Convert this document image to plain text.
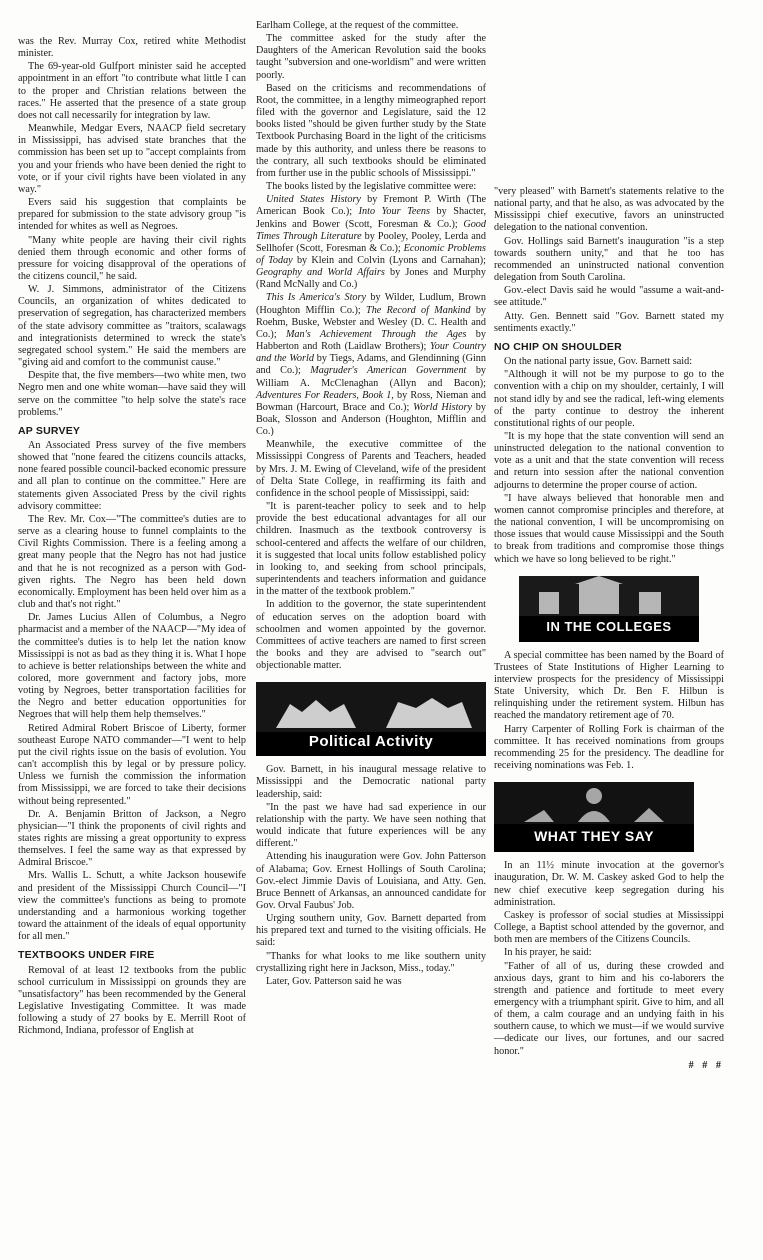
was the Rev. Murray Cox, retired white Methodist minister.

The 69-year-old Gulfport minister said he accepted appointment in an effort "to contribute what little I can to the proper and Christian relations between the races." He asserted that the presence of a state group does not call necessarily for integration by law.

Meanwhile, Medgar Evers, NAACP field secretary in Mississippi, has advised state branches that the commission has been set up to "accept complaints from you and your friends who have been denied the right to vote, or if your civil rights have been violated in any way."

Evers said his suggestion that complaints be prepared for submission to the state advisory group "is intended for whites as well as Negroes.

"Many white people are having their civil rights denied them through economic and other forms of pressure for voicing disapproval of the operations of the citizens council," he said.

W. J. Simmons, administrator of the Citizens Councils, an organization of whites dedicated to preservation of segregation, has characterized members of the state advisory committee as "traitors, scalawags and integrationists determined to wreck the state's segregated school system." He said the members are "giving aid and comfort to the communist cause."

Despite that, the five members—two white men, two Negro men and one white woman—have said they will serve on the committee "to help solve the state's race problems."

AP SURVEY

An Associated Press survey of the five members showed that "none feared the citizens councils attacks, none feared possible council-backed economic pressure and all plan to continue on the committee." Here are statements given Associated Press by the civil rights advisory committee:

The Rev. Mr. Cox—"The committee's duties are to serve as a clearing house to funnel complaints to the Civil Rights Commission. There is a feeling among a great many people that the Negro has not had justice and that he is not recognized as a person with God-given rights. The Negro has been held down economically. Employment has been held over him as a club and that's not right."

Dr. James Lucius Allen of Columbus, a Negro pharmacist and a member of the NAACP—"My idea of the committee's duties is to help let the nation know Mississippi is not as bad as they thing it is. What I hope to achieve is better relationships between the white and colored, more government and factory jobs, more voting by Negroes, better transportation facilities for the Negro and better education opportunities for Negroes that will help them help themselves."

Retired Admiral Robert Briscoe of Liberty, former southeast Europe NATO commander—"I went to help put the civil rights issue on the basis of evolution. You can't accomplish this by legal or by pressure policy. Unless we furnish the commission the information from Mississippi, we are forced to take their decisions without being represented."

Dr. A. Benjamin Britton of Jackson, a Negro physician—"I think the proponents of civil rights and states rights are missing a great opportunity to express themselves. I feel the same way as that expressed by Admiral Briscoe."

Mrs. Wallis L. Schutt, a white Jackson housewife and president of the Mississippi Church Council—"I view the committee's functions as being to promote understanding and a harmonious working together toward the attainment of the ideals of equal opportunity for all men."

TEXTBOOKS UNDER FIRE

Removal of at least 12 textbooks from the public school curriculum in Mississippi on grounds they are "unsatisfactory" has been recommended by the General Legislative Investigating Committee. It was made following a study of 27 books by E. Merrill Root of Richmond, Indiana, professor of English at

Earlham College, at the request of the committee.

The committee asked for the study after the Daughters of the American Revolution said the books taught "subversion and one-worldism" and were written poorly.

Based on the criticisms and recommendations of Root, the committee, in a lengthy mimeographed report filed with the governor and Legislature, said the 12 books listed "should be given further study by the State Textbook Purchasing Board in the light of the criticisms made by this authority, and unless there be reasons to the contrary, all such textbooks should be eliminated from further use in the public schools of Mississippi."

The books listed by the legislative committee were:

United States History by Fremont P. Wirth (The American Book Co.); Into Your Teens by Shacter, Jenkins and Bower (Scott, Foresman & Co.); Good Times Through Literature by Pooley, Pooley, Lerda and Sellhofer (Scott, Foresman & Co.); Economic Problems of Today by Klein and Colvin (Lyons and Carnahan); Geography and World Affairs by Jones and Murphy (Rand McNally and Co.)

This Is America's Story by Wilder, Ludlum, Brown (Houghton Mifflin Co.); The Record of Mankind by Roehm, Buske, Webster and Wesley (D. C. Health and Co.); Man's Achievement Through the Ages by Habberton and Roth (Laidlaw Brothers); Your Country and the World by Tiegs, Adams, and Glendinning (Ginn and Co.); Magruder's American Government by William A. McClenaghan (Allyn and Bacon); Adventures For Readers, Book 1, by Ross, Nieman and Bowman (Harcourt, Brace and Co.); World History by Boak, Slosson and Anderson (Houghton, Mifflin and Co.)

Meanwhile, the executive committee of the Mississippi Congress of Parents and Teachers, headed by Mrs. J. M. Ewing of Cleveland, wife of the president of Delta State College, in reaffirming its faith and confidence in the school people of Mississippi, said:

"It is parent-teacher policy to seek and to help provide the best educational advantages for all our children. Inasmuch as the textbook controversy is school-centered and affects the welfare of our children, it is suggested that local units follow established policy in looking to, and seeking from school principals, superintendents and teachers information and guidance in the matter of the textbook problem."

In addition to the governor, the state superintendent of education serves on the adoption board with schoolmen and women appointed by the governor. Committees of active teachers are named to first screen the books and they are advised to "search out" objectionable matter.

Political Activity

Gov. Barnett, in his inaugural message relative to Mississippi and the Democratic national party leadership, said:

"In the past we have had sad experience in our relationship with the party. We have seen nothing that would indicate that future experiences will be any different."

Attending his inauguration were Gov. John Patterson of Alabama; Gov. Ernest Hollings of South Carolina; Gov.-elect Jimmie Davis of Louisiana, and Atty. Gen. Bruce Bennett of Arkansas, an announced candidate for Gov. Orval Faubus' Job.

Urging southern unity, Gov. Barnett departed from his prepared text and turned to the visiting officials. He said:

"Thanks for what looks to me like southern unity crystallizing right here in Jackson, Miss., today."

Later, Gov. Patterson said he was

"very pleased" with Barnett's statements relative to the national party, and that he also, as was advocated by the Mississippi chief executive, favors an uninstructed delegation to the national convention.

Gov. Hollings said Barnett's inauguration "is a step towards southern unity," and that he too has recommended an uninstructed national convention delegation from South Carolina.

Gov.-elect Davis said he would "assume a wait-and-see attitude."

Atty. Gen. Bennett said "Gov. Barnett stated my sentiments exactly."

NO CHIP ON SHOULDER

On the national party issue, Gov. Barnett said:

"Although it will not be my purpose to go to the convention with a chip on my shoulder, certainly, I will not stand idly by and see the radical, left-wing elements of the party continue to destroy the inherent constitutional rights of our people.

"It is my hope that the state convention will send an uninstructed delegation to the national convention to vote as a unit and that the state convention will recess and return into session after the national convention adjourns to determine the proper course of action.

"I have always believed that honorable men and women cannot compromise principles and therefore, at the national convention, I will be uncompromising on those issues that would cause Mississippi and the South to break from traditions and compromise those things which we have so long believed to be right."

IN THE COLLEGES

A special committee has been named by the Board of Trustees of State Institutions of Higher Learning to interview prospects for the presidency of Mississippi State University, which Dr. Ben F. Hilbun is relinquishing under the retirement system. Hilbun has reached the mandatory retirement age of 70.

Harry Carpenter of Rolling Fork is chairman of the committee. It has received nominations from groups recommending 25 for the presidency. The deadline for receiving nominations was Feb. 1.

WHAT THEY SAY

In an 11½ minute invocation at the governor's inauguration, Dr. W. M. Caskey asked God to help the new chief executive keep segregation during his administration.

Caskey is professor of social studies at Mississippi College, a Baptist school attended by the governor, and both men are members of the Citizens Councils.

In his prayer, he said:

"Father of all of us, during these crowded and anxious days, grant to him and his co-laborers the strength and patience and fortitude to meet every emergency with a triumphant spirit. Give to him, and all of them, a calm courage and an undying faith in his southern cause, to which we must—if we would survive—dedicate our lives, our fortunes, and our sacred honor."

# # #
